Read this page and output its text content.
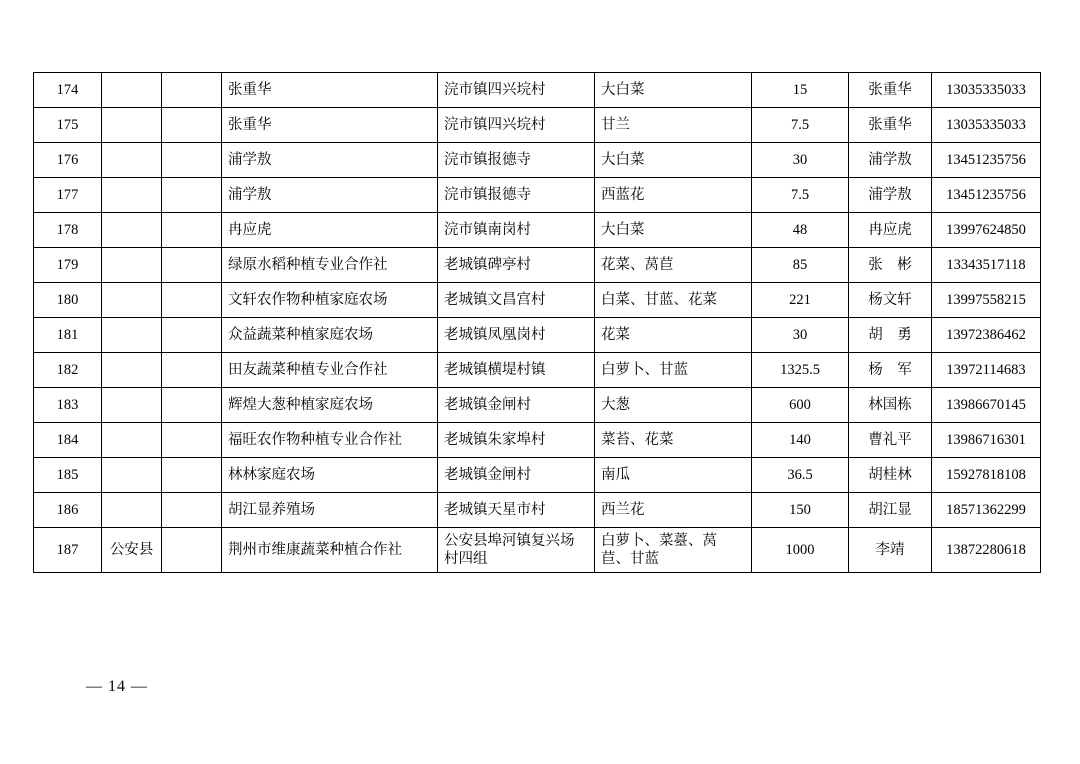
174			张重华	浣市镇四兴垸村	大白菜	15	张重华	13035335033
175			张重华	浣市镇四兴垸村	甘兰	7.5	张重华	13035335033
176			浦学敖	浣市镇报德寺	大白菜	30	浦学敖	13451235756
177			浦学敖	浣市镇报德寺	西蓝花	7.5	浦学敖	13451235756
178			冉应虎	浣市镇南岗村	大白菜	48	冉应虎	13997624850
179			绿原水稻种植专业合作社	老城镇碑亭村	花菜、莴苣	85	张　彬	13343517118
180			文轩农作物种植家庭农场	老城镇文昌宫村	白菜、甘蓝、花菜	221	杨文轩	13997558215
181			众益蔬菜种植家庭农场	老城镇凤凰岗村	花菜	30	胡　勇	13972386462
182			田友蔬菜种植专业合作社	老城镇横堤村镇	白萝卜、甘蓝	1325.5	杨　军	13972114683
183			辉煌大葱种植家庭农场	老城镇金闸村	大葱	600	林国栋	13986670145
184			福旺农作物种植专业合作社	老城镇朱家埠村	菜苔、花菜	140	曹礼平	13986716301
185			林林家庭农场	老城镇金闸村	南瓜	36.5	胡桂林	15927818108
186			胡江显养殖场	老城镇天星市村	西兰花	150	胡江显	18571362299
187	公安县		荆州市维康蔬菜种植合作社	公安县埠河镇复兴场村四组	白萝卜、菜薹、莴苣、甘蓝	1000	李靖	13872280618
— 14 —
